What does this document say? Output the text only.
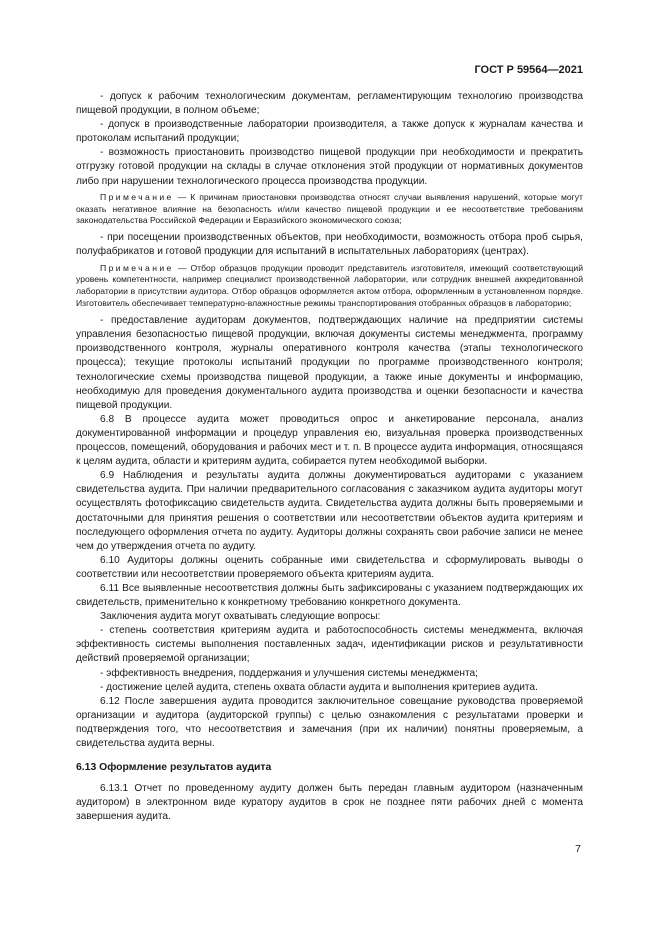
ГОСТ Р 59564—2021

- допуск к рабочим технологическим документам, регламентирующим технологию производства пищевой продукции, в полном объеме;

- допуск в производственные лаборатории производителя, а также допуск к журналам качества и протоколам испытаний продукции;

- возможность приостановить производство пищевой продукции при необходимости и прекратить отгрузку готовой продукции на склады в случае отклонения этой продукции от нормативных документов либо при нарушении технологического процесса производства продукции.

Примечание — К причинам приостановки производства относят случаи выявления нарушений, которые могут оказать негативное влияние на безопасность и/или качество пищевой продукции и ее несоответствие требованиям законодательства Российской Федерации и Евразийского экономического союза;

- при посещении производственных объектов, при необходимости, возможность отбора проб сырья, полуфабрикатов и готовой продукции для испытаний в испытательных лабораториях (центрах).

Примечание — Отбор образцов продукции проводит представитель изготовителя, имеющий соответствующий уровень компетентности, например специалист производственной лаборатории, или сотрудник внешней аккредитованной лаборатории в присутствии аудитора. Отбор образцов оформляется актом отбора, оформленным в установленном порядке. Изготовитель обеспечивает температурно-влажностные режимы транспортирования отобранных образцов в лабораторию;

- предоставление аудиторам документов, подтверждающих наличие на предприятии системы управления безопасностью пищевой продукции, включая документы системы менеджмента, программу производственного контроля, журналы оперативного контроля качества (этапы технологического процесса); текущие протоколы испытаний продукции по программе производственного контроля; технологические схемы производства пищевой продукции, а также иные документы и информацию, необходимую для проведения документального аудита производства и оценки безопасности и качества пищевой продукции.

6.8 В процессе аудита может проводиться опрос и анкетирование персонала, анализ документированной информации и процедур управления ею, визуальная проверка производственных процессов, помещений, оборудования и рабочих мест и т. п. В процессе аудита информация, относящаяся к целям аудита, области и критериям аудита, собирается путем необходимой выборки.

6.9 Наблюдения и результаты аудита должны документироваться аудиторами с указанием свидетельства аудита. При наличии предварительного согласования с заказчиком аудита аудиторы могут осуществлять фотофиксацию свидетельств аудита. Свидетельства аудита должны быть проверяемыми и достаточными для принятия решения о соответствии или несоответствии объектов аудита критериям и последующего оформления отчета по аудиту. Аудиторы должны сохранять свои рабочие записи не менее чем до утверждения отчета по аудиту.

6.10 Аудиторы должны оценить собранные ими свидетельства и сформулировать выводы о соответствии или несоответствии проверяемого объекта критериям аудита.

6.11 Все выявленные несоответствия должны быть зафиксированы с указанием подтверждающих их свидетельств, применительно к конкретному требованию конкретного документа.

Заключения аудита могут охватывать следующие вопросы:

- степень соответствия критериям аудита и работоспособность системы менеджмента, включая эффективность системы выполнения поставленных задач, идентификации рисков и результативности действий проверяемой организации;

- эффективность внедрения, поддержания и улучшения системы менеджмента;

- достижение целей аудита, степень охвата области аудита и выполнения критериев аудита.

6.12 После завершения аудита проводится заключительное совещание руководства проверяемой организации и аудитора (аудиторской группы) с целью ознакомления с результатами проверки и подтверждения того, что несоответствия и замечания (при их наличии) понятны проверяемым, а свидетельства аудита верны.

6.13 Оформление результатов аудита

6.13.1 Отчет по проведенному аудиту должен быть передан главным аудитором (назначенным аудитором) в электронном виде куратору аудитов в срок не позднее пяти рабочих дней с момента завершения аудита.

7
